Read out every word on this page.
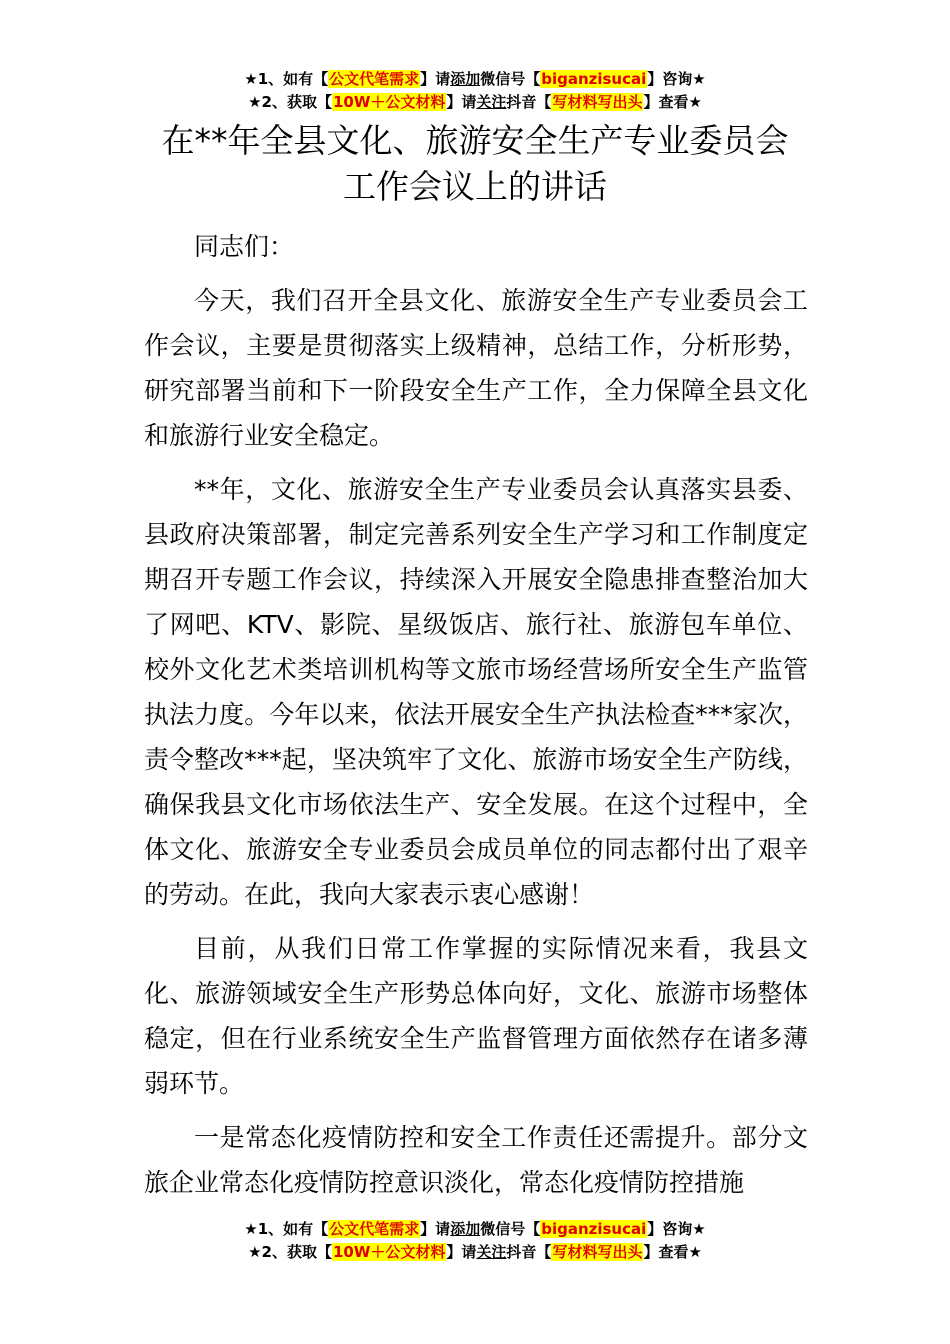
★1、如有【公文代笔需求】请添加微信号【biganzisucai】咨询★
★2、获取【10W＋公文材料】请关注抖音【写材料写出头】查看★
在**年全县文化、旅游安全生产专业委员会
工作会议上的讲话

同志们：

今天，我们召开全县文化、旅游安全生产专业委员会工作会议，主要是贯彻落实上级精神，总结工作，分析形势，研究部署当前和下一阶段安全生产工作，全力保障全县文化和旅游行业安全稳定。

**年，文化、旅游安全生产专业委员会认真落实县委、县政府决策部署，制定完善系列安全生产学习和工作制度定期召开专题工作会议，持续深入开展安全隐患排查整治加大了网吧、KTV、影院、星级饭店、旅行社、旅游包车单位、校外文化艺术类培训机构等文旅市场经营场所安全生产监管执法力度。今年以来，依法开展安全生产执法检查***家次，责令整改***起，坚决筑牢了文化、旅游市场安全生产防线，确保我县文化市场依法生产、安全发展。在这个过程中，全体文化、旅游安全专业委员会成员单位的同志都付出了艰辛的劳动。在此，我向大家表示衷心感谢！

目前，从我们日常工作掌握的实际情况来看，我县文化、旅游领域安全生产形势总体向好，文化、旅游市场整体稳定，但在行业系统安全生产监督管理方面依然存在诸多薄弱环节。

一是常态化疫情防控和安全工作责任还需提升。部分文旅企业常态化疫情防控意识淡化，常态化疫情防控措施

★1、如有【公文代笔需求】请添加微信号【biganzisucai】咨询★
★2、获取【10W＋公文材料】请关注抖音【写材料写出头】查看★
